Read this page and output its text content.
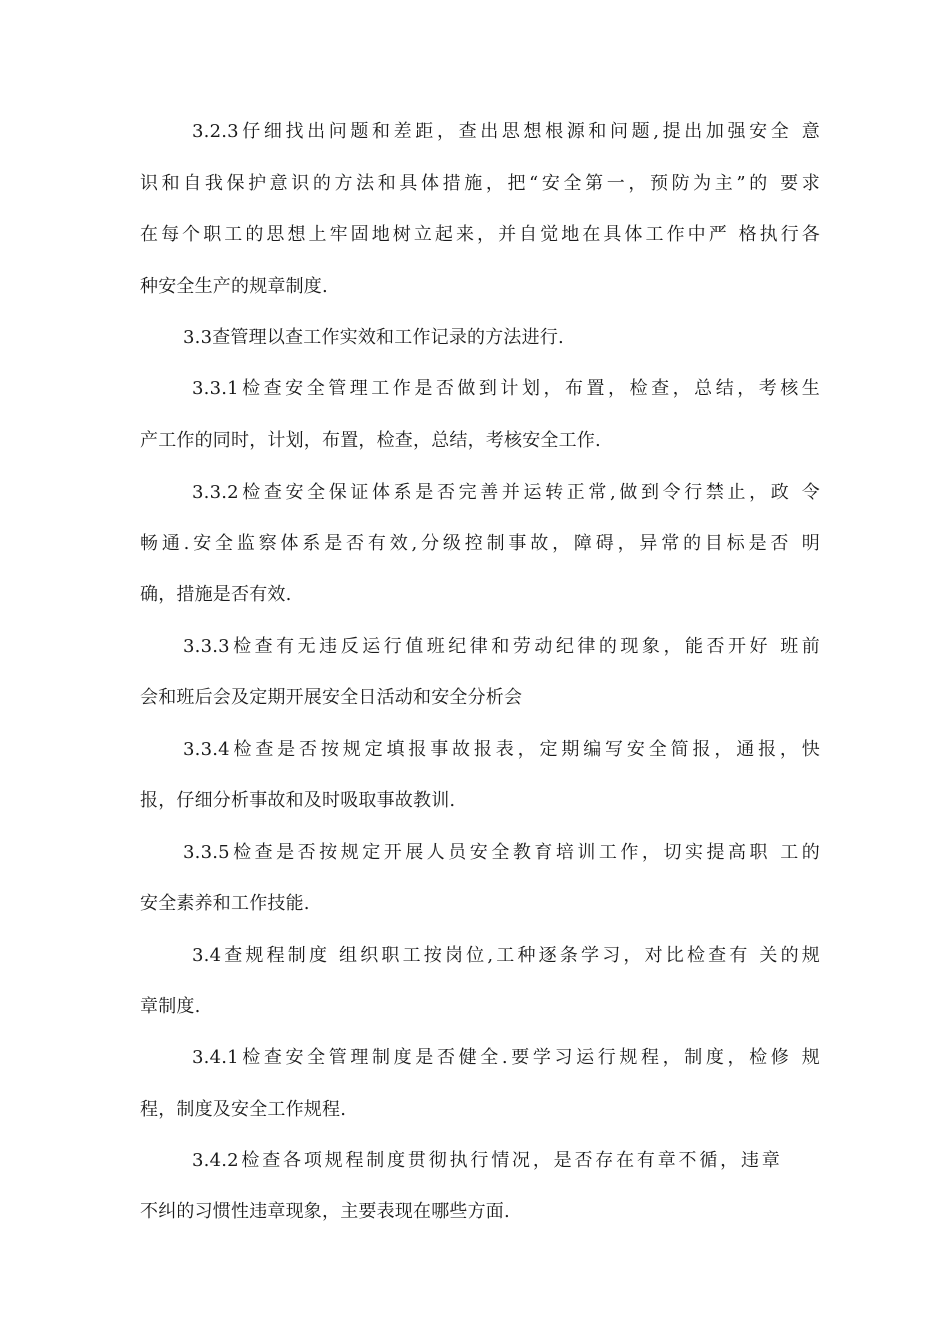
3.2.3仔细找出问题和差距，查出思想根源和问题,提出加强安全 意
识和自我保护意识的方法和具体措施，把“安全第一，预防为主”的 要求
在每个职工的思想上牢固地树立起来，并自觉地在具体工作中严 格执行各
种安全生产的规章制度.
3.3查管理以查工作实效和工作记录的方法进行.
3.3.1检查安全管理工作是否做到计划，布置，检查，总结，考核生
产工作的同时，计划，布置，检查，总结，考核安全工作.
3.3.2检查安全保证体系是否完善并运转正常,做到令行禁止，政 令
畅通.安全监察体系是否有效,分级控制事故，障碍，异常的目标是否 明
确，措施是否有效.
3.3.3检查有无违反运行值班纪律和劳动纪律的现象，能否开好 班前
会和班后会及定期开展安全日活动和安全分析会
3.3.4检查是否按规定填报事故报表，定期编写安全简报，通报，快
报，仔细分析事故和及时吸取事故教训.
3.3.5检查是否按规定开展人员安全教育培训工作，切实提高职 工的
安全素养和工作技能.
3.4查规程制度 组织职工按岗位,工种逐条学习，对比检查有 关的规
章制度.
3.4.1检查安全管理制度是否健全.要学习运行规程，制度，检修 规
程，制度及安全工作规程.
3.4.2检查各项规程制度贯彻执行情况，是否存在有章不循，违章
不纠的习惯性违章现象，主要表现在哪些方面.
